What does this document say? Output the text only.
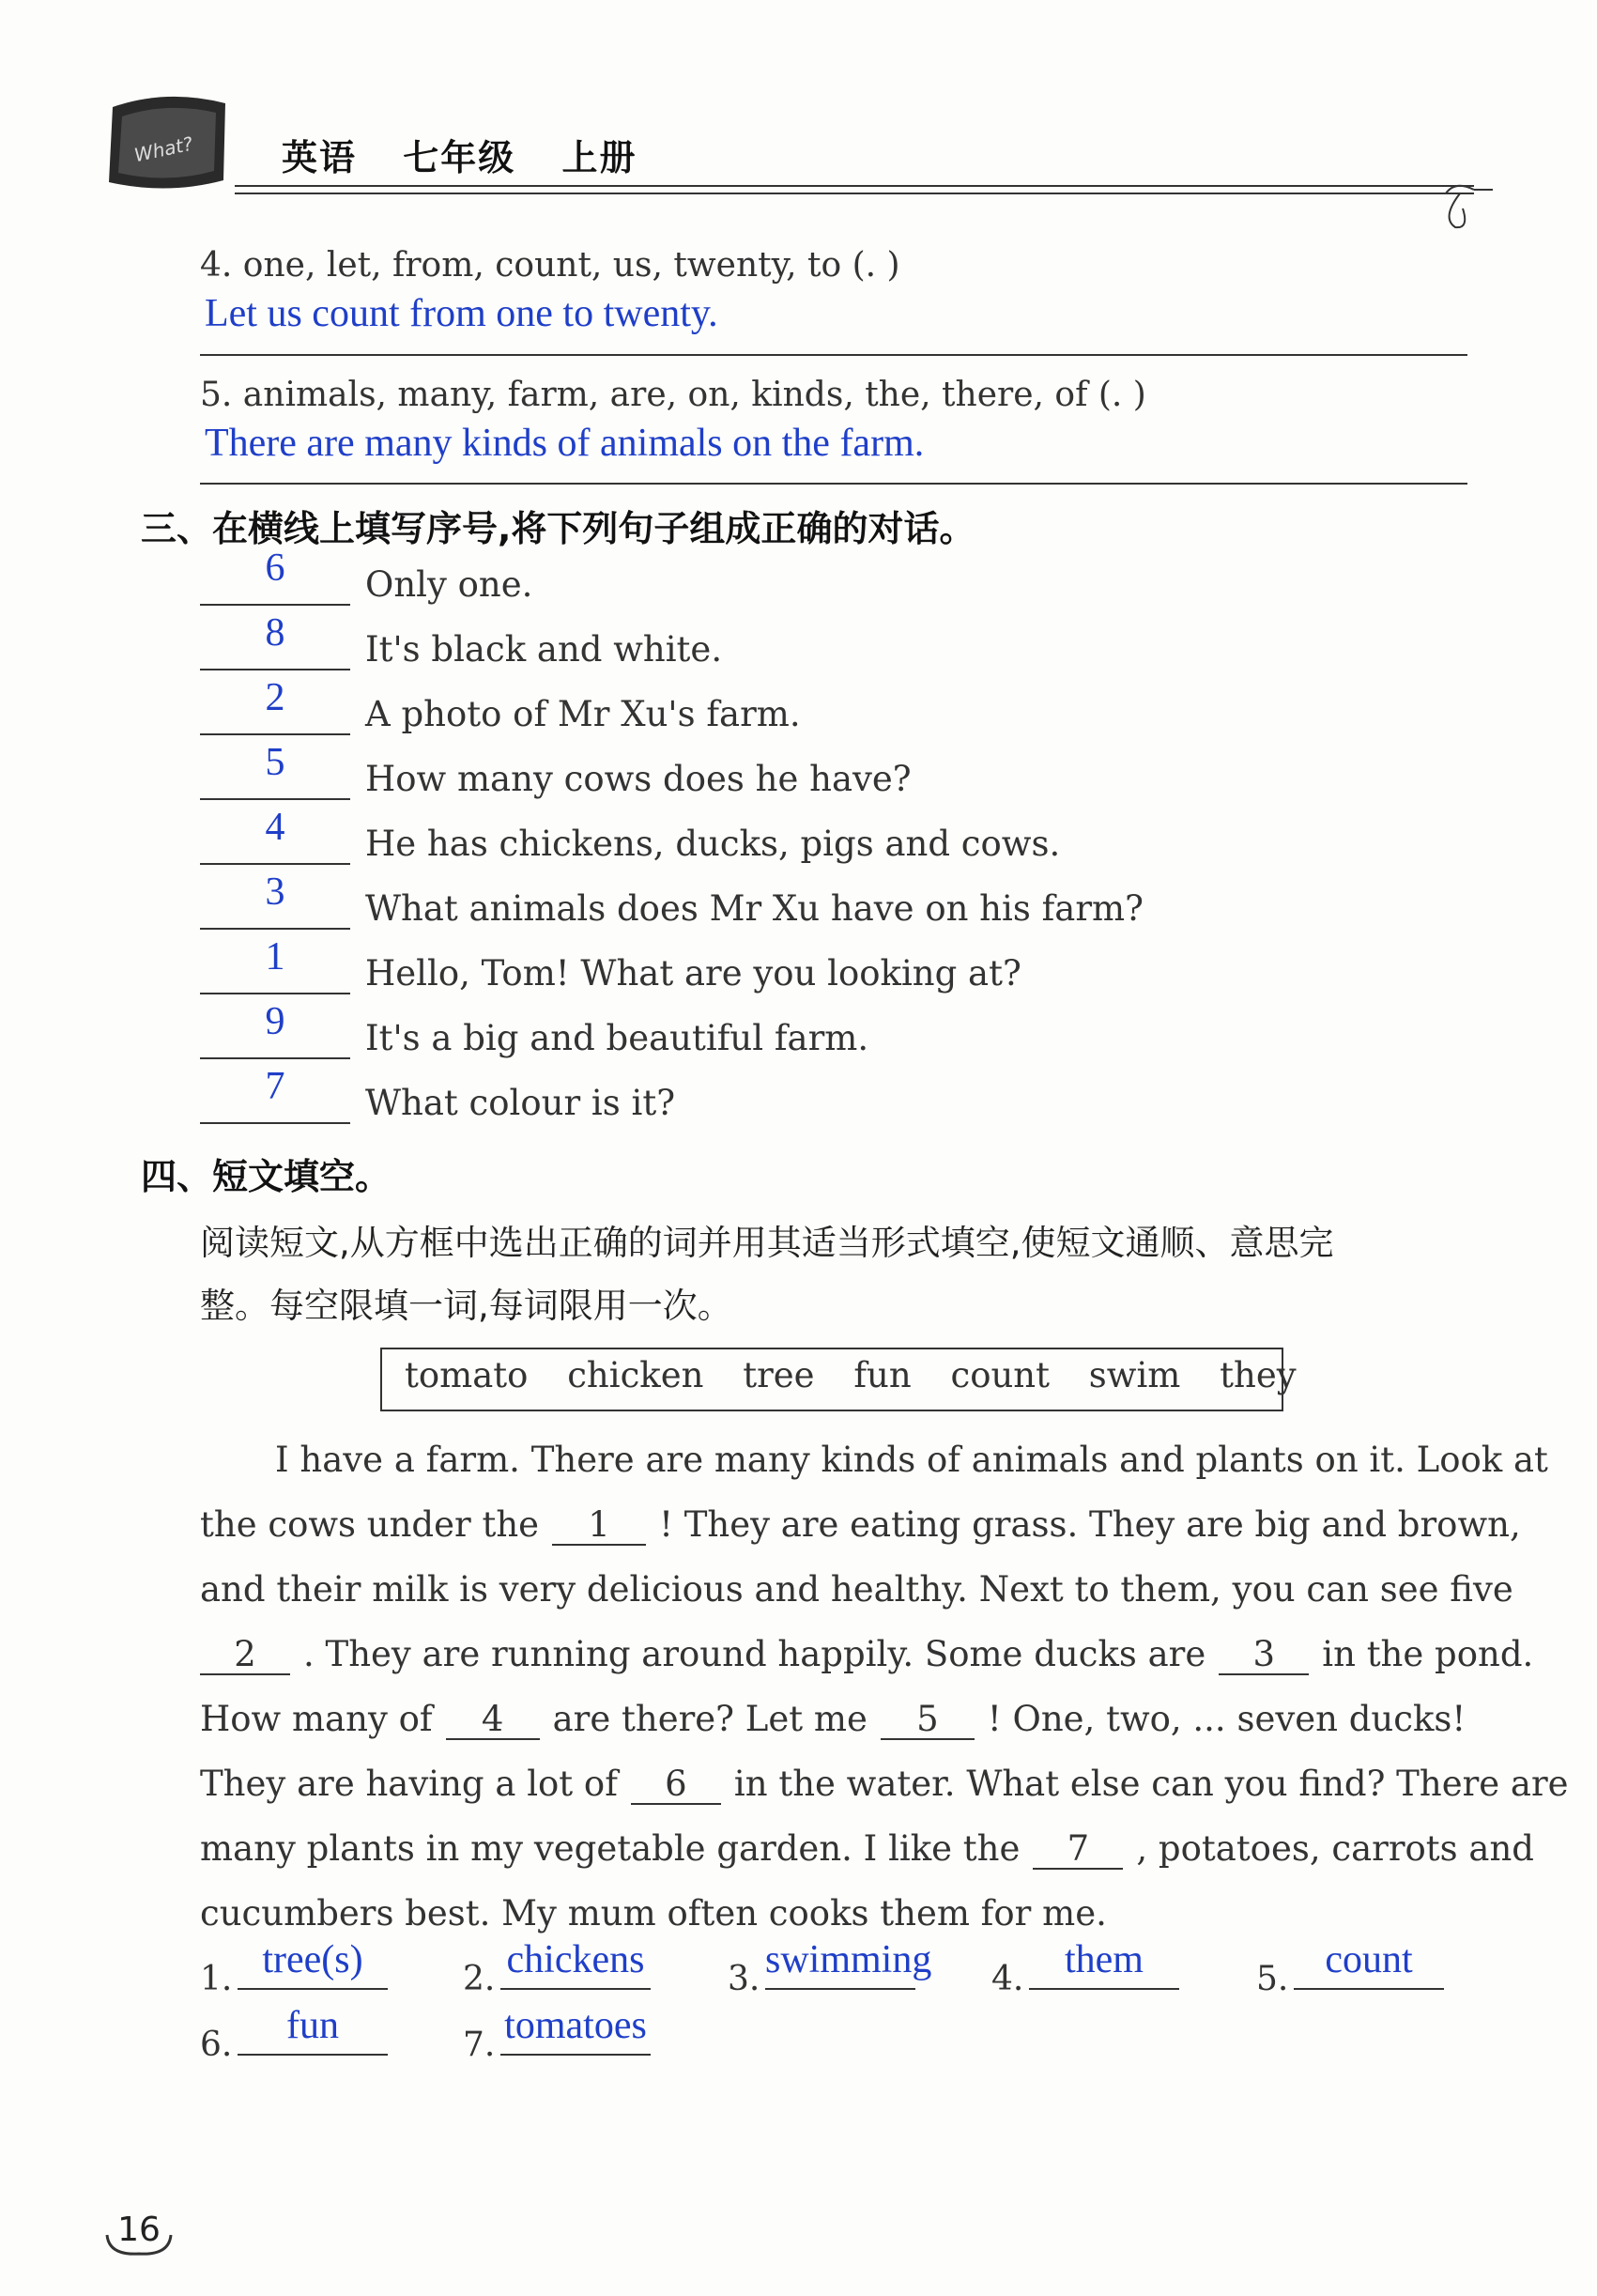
What? 英语 七年级 上册
4. one, let, from, count, us, twenty, to (. )
Let us count from one to twenty.
5. animals, many, farm, are, on, kinds, the, there, of (. )
There are many kinds of animals on the farm.
三、在横线上填写序号,将下列句子组成正确的对话。
6	Only one.
8	It's black and white.
2	A photo of Mr Xu's farm.
5	How many cows does he have?
4	He has chickens, ducks, pigs and cows.
3	What animals does Mr Xu have on his farm?
1	Hello, Tom! What are you looking at?
9	It's a big and beautiful farm.
7	What colour is it?
四、短文填空。
阅读短文,从方框中选出正确的词并用其适当形式填空,使短文通顺、意思完
整。每空限填一词,每词限用一次。
tomato chicken tree fun count swim they
I have a farm. There are many kinds of animals and plants on it. Look at
the cows under the 1 ! They are eating grass. They are big and brown,
and their milk is very delicious and healthy. Next to them, you can see five
2 . They are running around happily. Some ducks are 3 in the pond.
How many of 4 are there? Let me 5 ! One, two, ... seven ducks!
They are having a lot of 6 in the water. What else can you find? There are
many plants in my vegetable garden. I like the 7 , potatoes, carrots and
cucumbers best. My mum often cooks them for me.
1. tree(s)	2. chickens 3. swimming 4.	them	5. count
6.	fun	7. tomatoes
16
